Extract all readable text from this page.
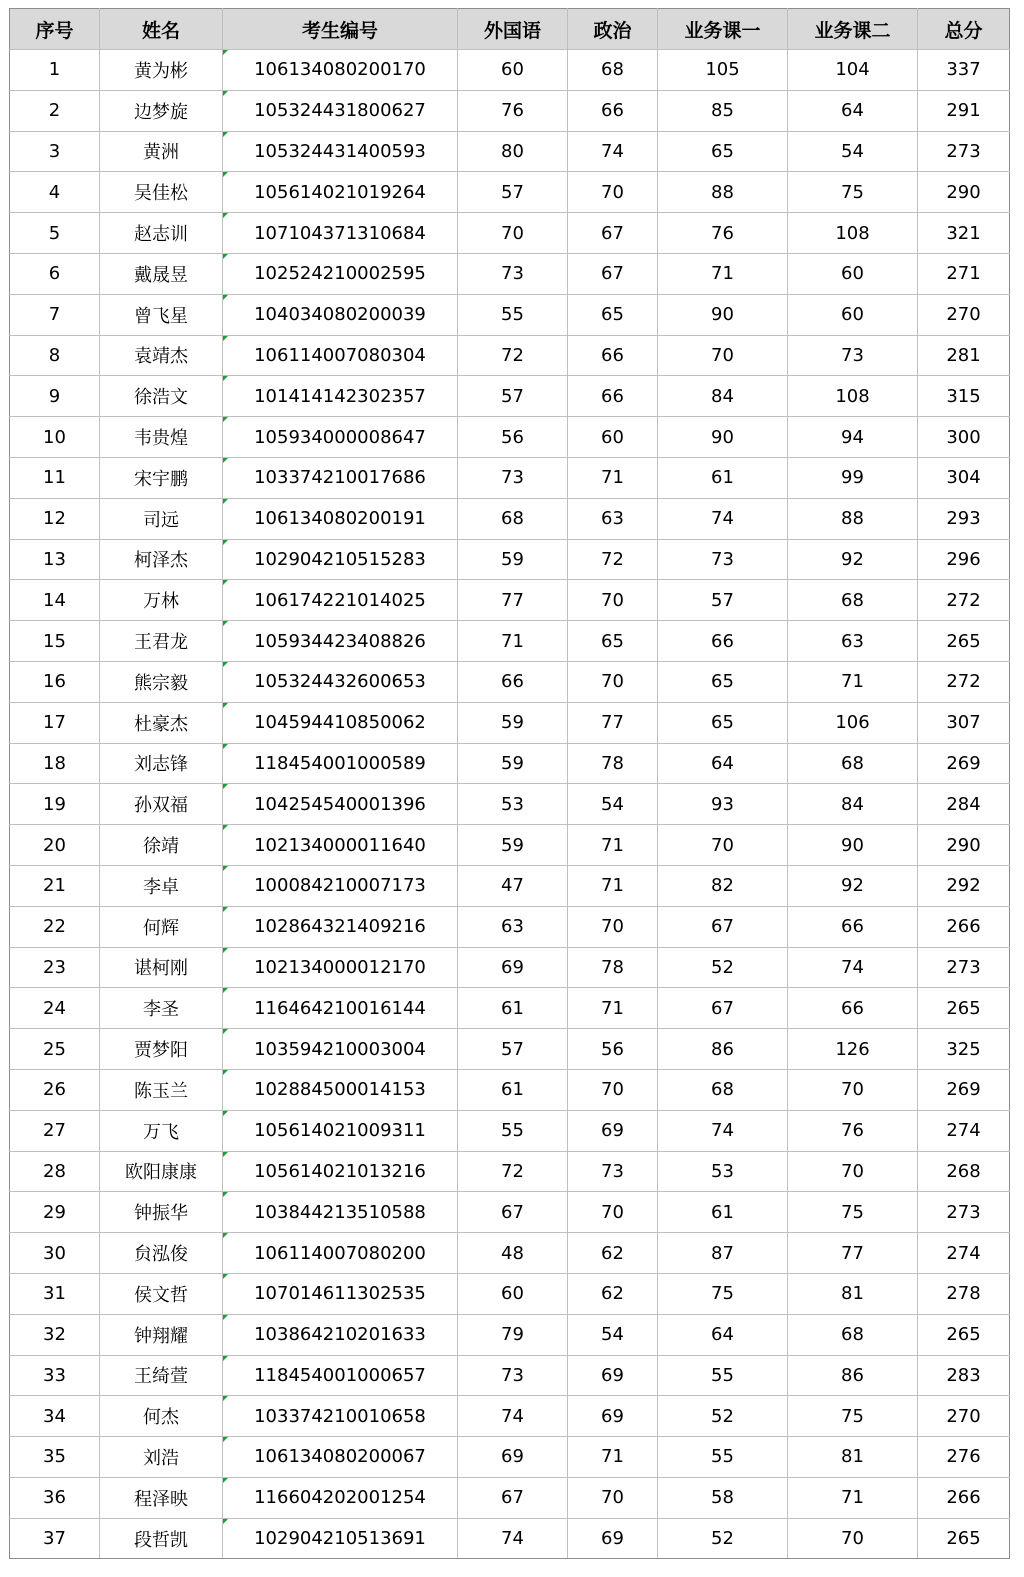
序号	姓名	考生编号	外国语	政治	业务课一	业务课二	总分
1	黄为彬	106134080200170	60	68	105	104	337
2	边梦旋	105324431800627	76	66	85	64	291
3	黄洲	105324431400593	80	74	65	54	273
4	吴佳松	105614021019264	57	70	88	75	290
5	赵志训	107104371310684	70	67	76	108	321
6	戴晟昱	102524210002595	73	67	71	60	271
7	曾飞星	104034080200039	55	65	90	60	270
8	袁靖杰	106114007080304	72	66	70	73	281
9	徐浩文	101414142302357	57	66	84	108	315
10	韦贵煌	105934000008647	56	60	90	94	300
11	宋宇鹏	103374210017686	73	71	61	99	304
12	司远	106134080200191	68	63	74	88	293
13	柯泽杰	102904210515283	59	72	73	92	296
14	万林	106174221014025	77	70	57	68	272
15	王君龙	105934423408826	71	65	66	63	265
16	熊宗毅	105324432600653	66	70	65	71	272
17	杜豪杰	104594410850062	59	77	65	106	307
18	刘志锋	118454001000589	59	78	64	68	269
19	孙双福	104254540001396	53	54	93	84	284
20	徐靖	102134000011640	59	71	70	90	290
21	李卓	100084210007173	47	71	82	92	292
22	何辉	102864321409216	63	70	67	66	266
23	谌柯刚	102134000012170	69	78	52	74	273
24	李圣	116464210016144	61	71	67	66	265
25	贾梦阳	103594210003004	57	56	86	126	325
26	陈玉兰	102884500014153	61	70	68	70	269
27	万飞	105614021009311	55	69	74	76	274
28	欧阳康康	105614021013216	72	73	53	70	268
29	钟振华	103844213510588	67	70	61	75	273
30	贠泓俊	106114007080200	48	62	87	77	274
31	侯文哲	107014611302535	60	62	75	81	278
32	钟翔耀	103864210201633	79	54	64	68	265
33	王绮萱	118454001000657	73	69	55	86	283
34	何杰	103374210010658	74	69	52	75	270
35	刘浩	106134080200067	69	71	55	81	276
36	程泽映	116604202001254	67	70	58	71	266
37	段哲凯	102904210513691	74	69	52	70	265
